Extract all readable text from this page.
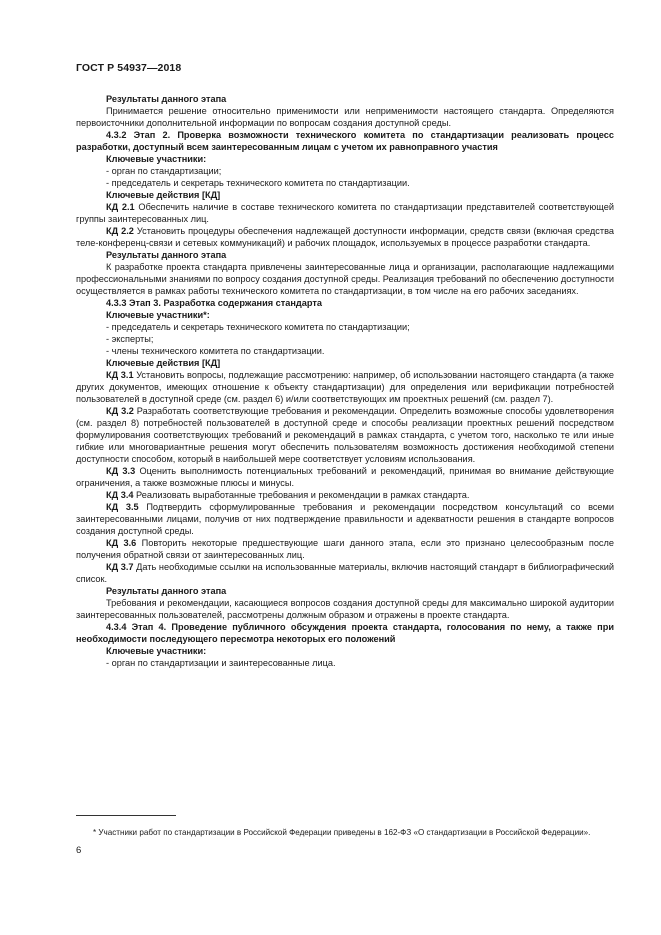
ГОСТ Р 54937—2018

Результаты данного этапа

Принимается решение относительно применимости или неприменимости настоящего стандарта. Определяются первоисточники дополнительной информации по вопросам создания доступной среды.

4.3.2 Этап 2. Проверка возможности технического комитета по стандартизации реализовать процесс разработки, доступный всем заинтересованным лицам с учетом их равноправного участия

Ключевые участники:

- орган по стандартизации;

- председатель и секретарь технического комитета по стандартизации.

Ключевые действия [КД]

КД 2.1 Обеспечить наличие в составе технического комитета по стандартизации представителей соответствующей группы заинтересованных лиц.

КД 2.2 Установить процедуры обеспечения надлежащей доступности информации, средств связи (включая средства теле-конференц-связи и сетевых коммуникаций) и рабочих площадок, используемых в процессе разработки стандарта.

Результаты данного этапа

К разработке проекта стандарта привлечены заинтересованные лица и организации, располагающие надлежащими профессиональными знаниями по вопросу создания доступной среды. Реализация требований по обеспечению доступности осуществляется в рамках работы технического комитета по стандартизации, в том числе на его рабочих заседаниях.

4.3.3 Этап 3. Разработка содержания стандарта

Ключевые участники*:

- председатель и секретарь технического комитета по стандартизации;

- эксперты;

- члены технического комитета по стандартизации.

Ключевые действия [КД]

КД 3.1 Установить вопросы, подлежащие рассмотрению: например, об использовании настоящего стандарта (а также других документов, имеющих отношение к объекту стандартизации) для определения или верификации потребностей пользователей в доступной среде (см. раздел 6) и/или соответствующих им проектных решений (см. раздел 7).

КД 3.2 Разработать соответствующие требования и рекомендации. Определить возможные способы удовлетворения (см. раздел 8) потребностей пользователей в доступной среде и способы реализации проектных решений посредством формулирования соответствующих требований и рекомендаций в рамках стандарта, с учетом того, насколько те или иные гибкие или многовариантные решения могут обеспечить пользователям возможность достижения необходимой степени доступности способом, который в наибольшей мере соответствует условиям использования.

КД 3.3 Оценить выполнимость потенциальных требований и рекомендаций, принимая во внимание действующие ограничения, а также возможные плюсы и минусы.

КД 3.4 Реализовать выработанные требования и рекомендации в рамках стандарта.

КД 3.5 Подтвердить сформулированные требования и рекомендации посредством консультаций со всеми заинтересованными лицами, получив от них подтверждение правильности и адекватности решения в стандарте вопросов создания доступной среды.

КД 3.6 Повторить некоторые предшествующие шаги данного этапа, если это признано целесообразным после получения обратной связи от заинтересованных лиц.

КД 3.7 Дать необходимые ссылки на использованные материалы, включив настоящий стандарт в библиографический список.

Результаты данного этапа

Требования и рекомендации, касающиеся вопросов создания доступной среды для максимально широкой аудитории заинтересованных пользователей, рассмотрены должным образом и отражены в проекте стандарта.

4.3.4 Этап 4. Проведение публичного обсуждения проекта стандарта, голосования по нему, а также при необходимости последующего пересмотра некоторых его положений

Ключевые участники:

- орган по стандартизации и заинтересованные лица.

* Участники работ по стандартизации в Российской Федерации приведены в 162-ФЗ «О стандартизации в Российской Федерации».

6
